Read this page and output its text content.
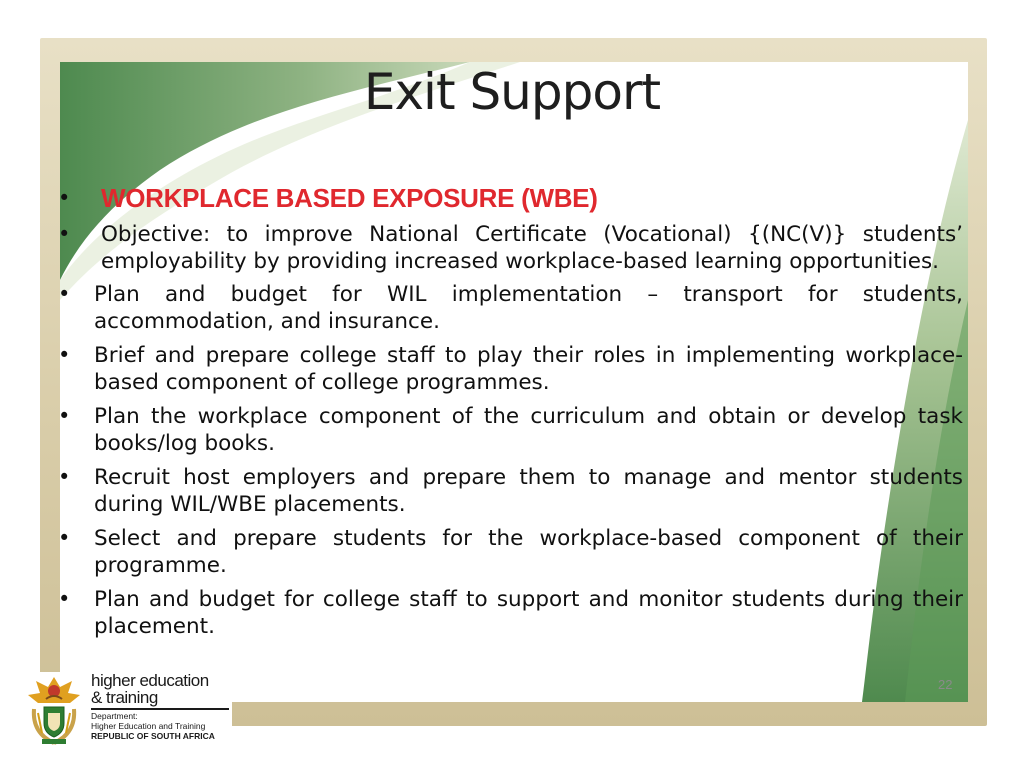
Exit Support
• WORKPLACE BASED EXPOSURE (WBE)
• Objective: to improve National Certificate (Vocational) {(NC(V)} students’ employability by providing increased workplace-based learning opportunities.
• Plan and budget for WIL implementation – transport for students, accommodation, and insurance.
• Brief and prepare college staff to play their roles in implementing workplace-based component of college programmes.
• Plan the workplace component of the curriculum and obtain or develop task books/log books.
• Recruit host employers and prepare them to manage and mentor students during WIL/WBE placements.
• Select and prepare students for the workplace-based component of their programme.
• Plan and budget for college staff to support and monitor students during their placement.
22
higher education
& training
Department:
Higher Education and Training
REPUBLIC OF SOUTH AFRICA
